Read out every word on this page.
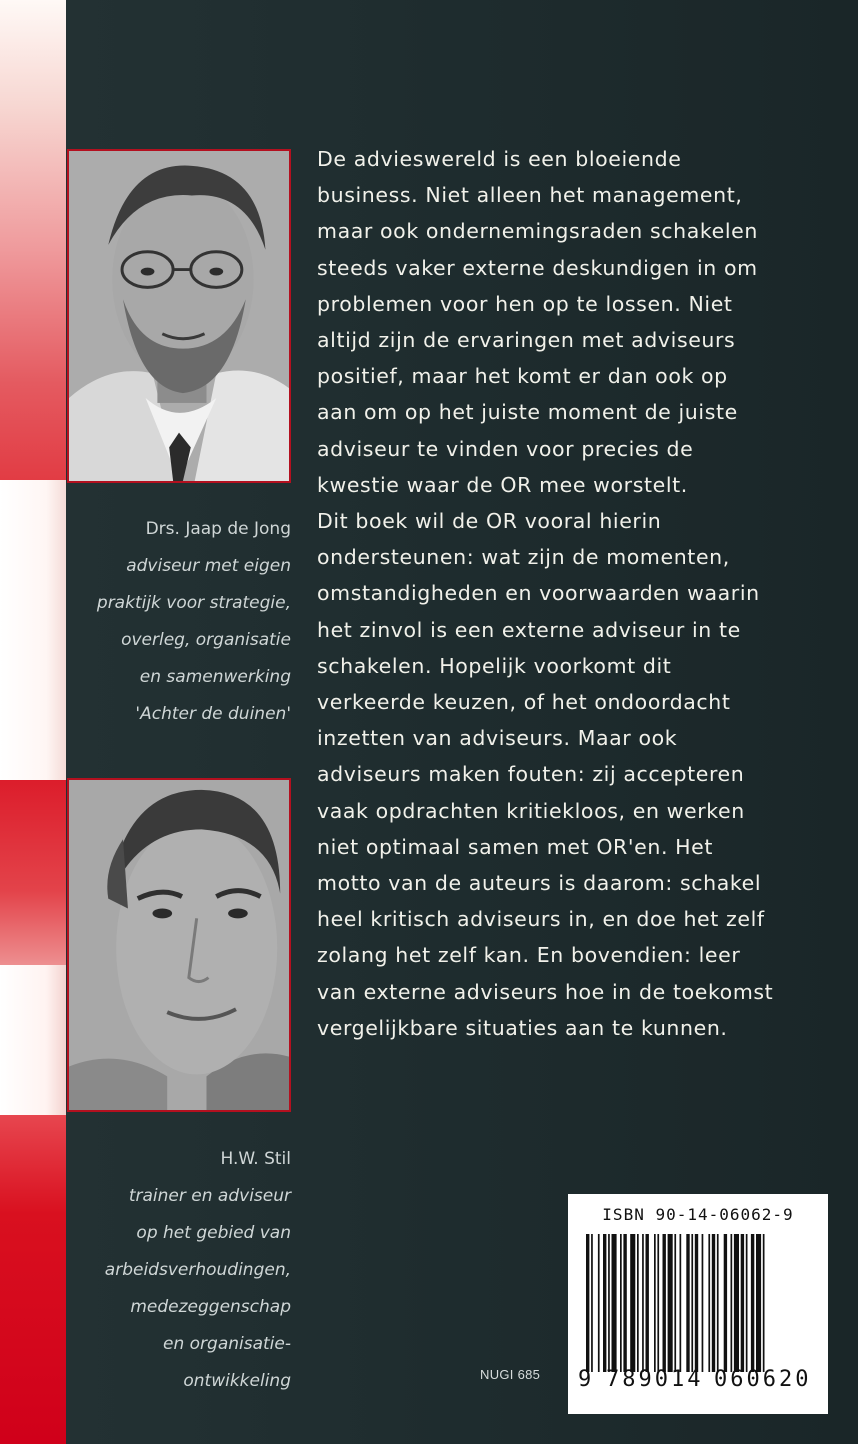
Drs. Jaap de Jong
adviseur met eigen
praktijk voor strategie,
overleg, organisatie
en samenwerking
'Achter de duinen'
H.W. Stil
trainer en adviseur
op het gebied van
arbeidsverhoudingen,
medezeggenschap
en organisatie-
ontwikkeling
De advieswereld is een bloeiende
business. Niet alleen het management,
maar ook ondernemingsraden schakelen
steeds vaker externe deskundigen in om
problemen voor hen op te lossen. Niet
altijd zijn de ervaringen met adviseurs
positief, maar het komt er dan ook op
aan om op het juiste moment de juiste
adviseur te vinden voor precies de
kwestie waar de OR mee worstelt.
Dit boek wil de OR vooral hierin
ondersteunen: wat zijn de momenten,
omstandigheden en voorwaarden waarin
het zinvol is een externe adviseur in te
schakelen. Hopelijk voorkomt dit
verkeerde keuzen, of het ondoordacht
inzetten van adviseurs. Maar ook
adviseurs maken fouten: zij accepteren
vaak opdrachten kritiekloos, en werken
niet optimaal samen met OR'en. Het
motto van de auteurs is daarom: schakel
heel kritisch adviseurs in, en doe het zelf
zolang het zelf kan. En bovendien: leer
van externe adviseurs hoe in de toekomst
vergelijkbare situaties aan te kunnen.
NUGI 685
ISBN 90-14-06062-9
9 789014 060620
